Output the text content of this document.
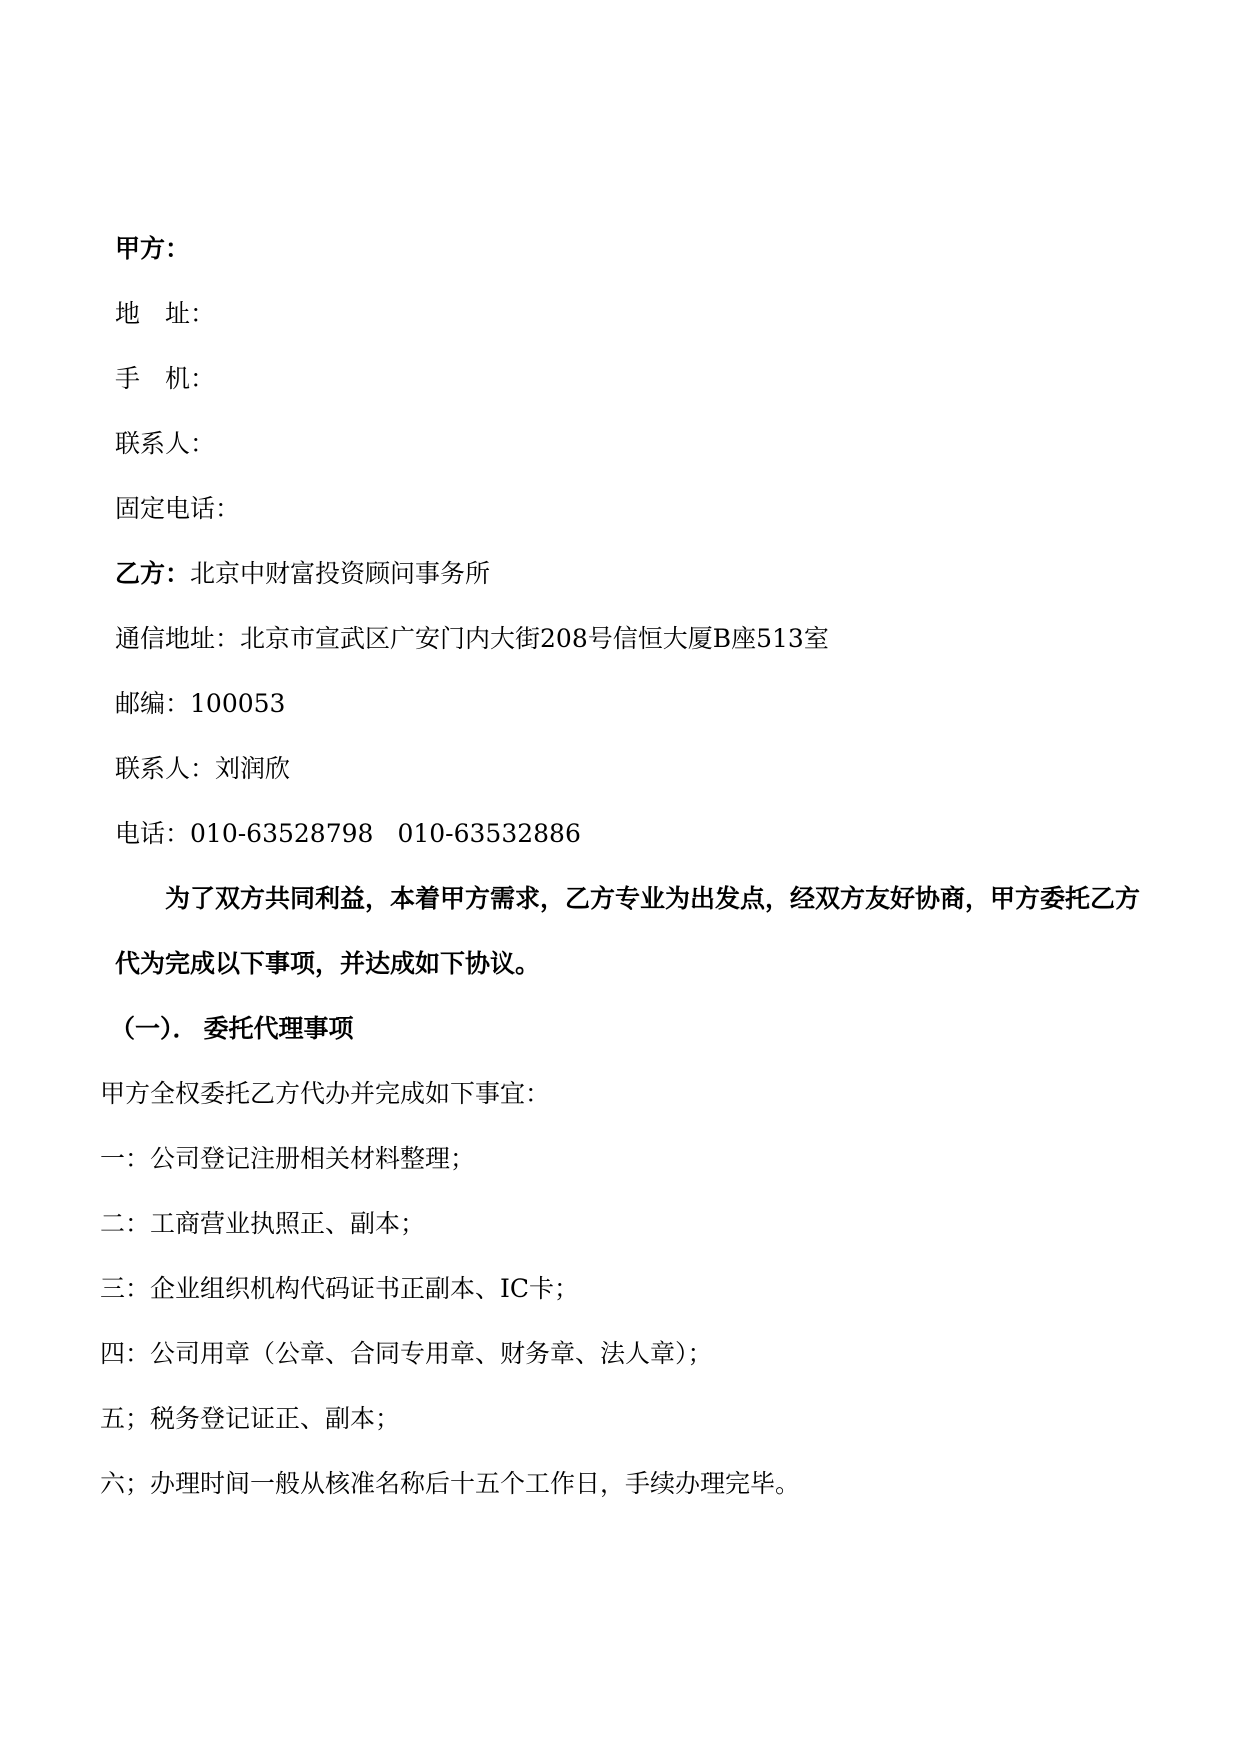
甲方：
地　址：
手　机：
联系人：
固定电话：
乙方：北京中财富投资顾问事务所
通信地址：北京市宣武区广安门内大街208号信恒大厦B座513室
邮编：100053
联系人：刘润欣
电话：010-63528798 010-63532886
为了双方共同利益，本着甲方需求，乙方专业为出发点，经双方友好协商，甲方委托乙方代为完成以下事项，并达成如下协议。
（一）． 委托代理事项
甲方全权委托乙方代办并完成如下事宜：
一：公司登记注册相关材料整理；
二：工商营业执照正、副本；
三：企业组织机构代码证书正副本、IC卡；
四：公司用章（公章、合同专用章、财务章、法人章）；
五；税务登记证正、副本；
六；办理时间一般从核准名称后十五个工作日，手续办理完毕。
